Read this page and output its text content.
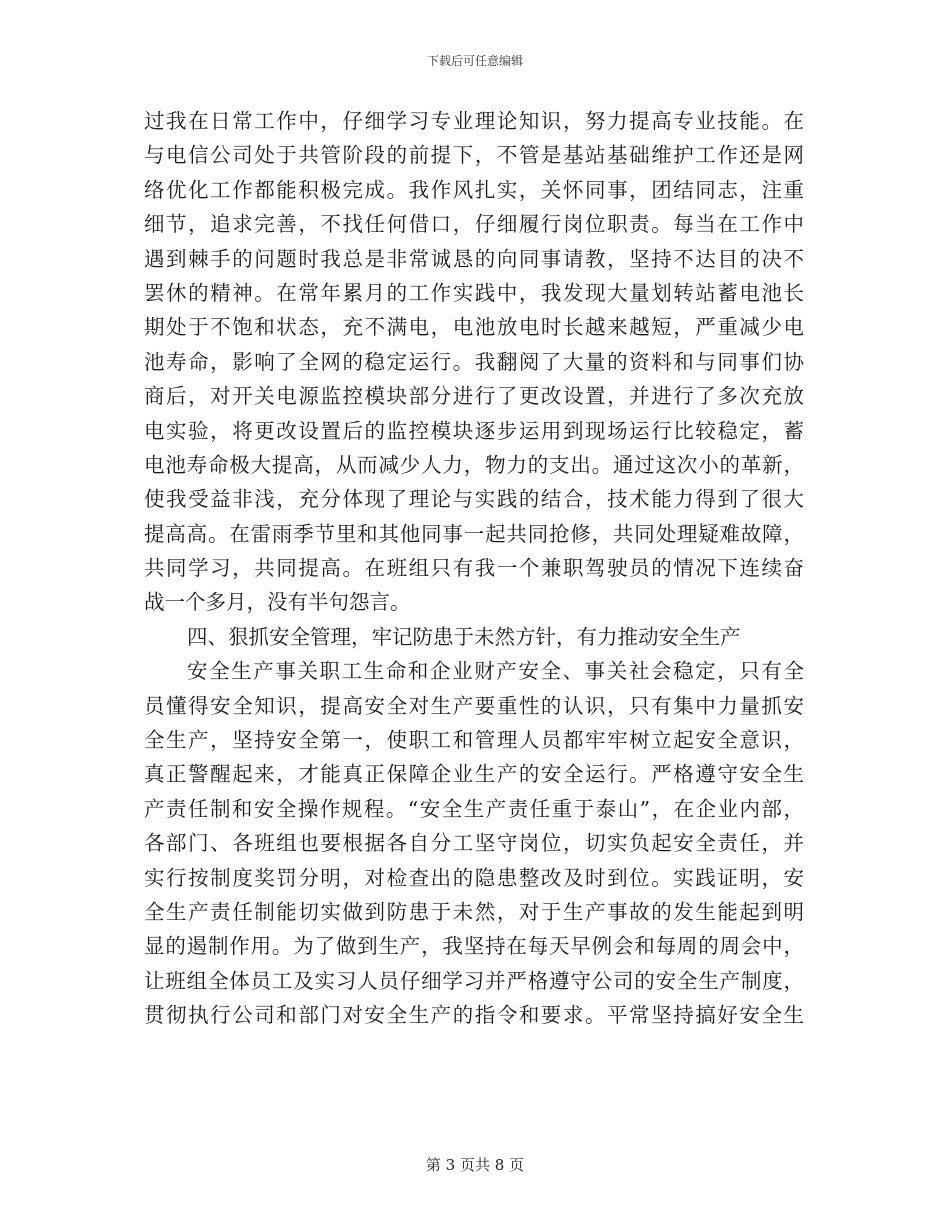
下载后可任意编辑
过我在日常工作中，仔细学习专业理论知识，努力提高专业技能。在
与电信公司处于共管阶段的前提下，不管是基站基础维护工作还是网
络优化工作都能积极完成。我作风扎实，关怀同事，团结同志，注重
细节，追求完善，不找任何借口，仔细履行岗位职责。每当在工作中
遇到棘手的问题时我总是非常诚恳的向同事请教，坚持不达目的决不
罢休的精神。在常年累月的工作实践中，我发现大量划转站蓄电池长
期处于不饱和状态，充不满电，电池放电时长越来越短，严重减少电
池寿命，影响了全网的稳定运行。我翻阅了大量的资料和与同事们协
商后，对开关电源监控模块部分进行了更改设置，并进行了多次充放
电实验，将更改设置后的监控模块逐步运用到现场运行比较稳定，蓄
电池寿命极大提高，从而减少人力，物力的支出。通过这次小的革新，
使我受益非浅，充分体现了理论与实践的结合，技术能力得到了很大
提高高。在雷雨季节里和其他同事一起共同抢修，共同处理疑难故障，
共同学习，共同提高。在班组只有我一个兼职驾驶员的情况下连续奋
战一个多月，没有半句怨言。
四、狠抓安全管理，牢记防患于未然方针，有力推动安全生产
安全生产事关职工生命和企业财产安全、事关社会稳定，只有全
员懂得安全知识，提高安全对生产要重性的认识，只有集中力量抓安
全生产，坚持安全第一，使职工和管理人员都牢牢树立起安全意识，
真正警醒起来，才能真正保障企业生产的安全运行。严格遵守安全生
产责任制和安全操作规程。“安全生产责任重于泰山”，在企业内部，
各部门、各班组也要根据各自分工坚守岗位，切实负起安全责任，并
实行按制度奖罚分明，对检查出的隐患整改及时到位。实践证明，安
全生产责任制能切实做到防患于未然，对于生产事故的发生能起到明
显的遏制作用。为了做到生产，我坚持在每天早例会和每周的周会中，
让班组全体员工及实习人员仔细学习并严格遵守公司的安全生产制度，
贯彻执行公司和部门对安全生产的指令和要求。平常坚持搞好安全生
第 3 页共 8 页
